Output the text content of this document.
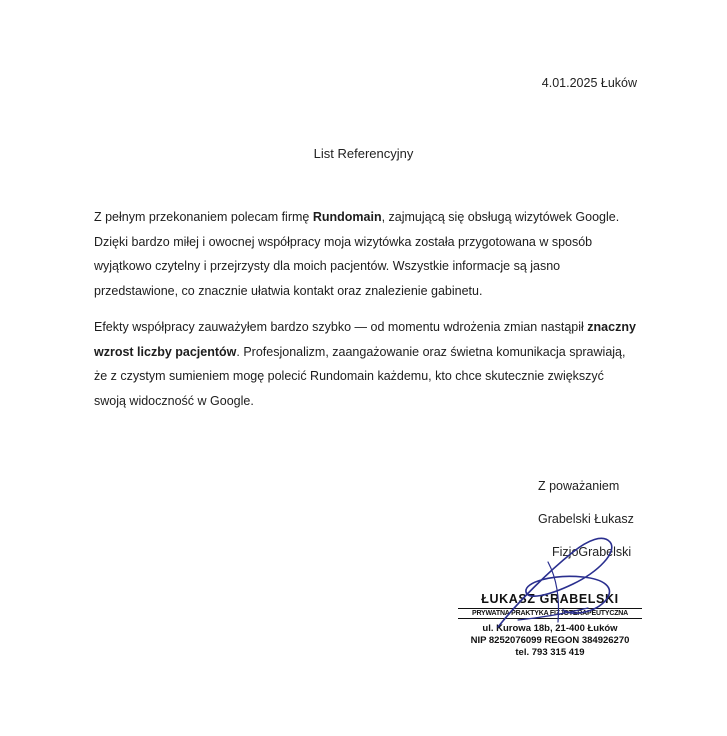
4.01.2025 Łuków
List Referencyjny

Z pełnym przekonaniem polecam firmę Rundomain, zajmującą się obsługą wizytówek Google. Dzięki bardzo miłej i owocnej współpracy moja wizytówka została przygotowana w sposób wyjątkowo czytelny i przejrzysty dla moich pacjentów. Wszystkie informacje są jasno przedstawione, co znacznie ułatwia kontakt oraz znalezienie gabinetu.

Efekty współpracy zauważyłem bardzo szybko — od momentu wdrożenia zmian nastąpił znaczny wzrost liczby pacjentów. Profesjonalizm, zaangażowanie oraz świetna komunikacja sprawiają, że z czystym sumieniem mogę polecić Rundomain każdemu, kto chce skutecznie zwiększyć swoją widoczność w Google.

Z poważaniem
Grabelski Łukasz
FizjoGrabelski
ŁUKASZ GRABELSKI
PRYWATNA PRAKTYKA FIZJOTERAPEUTYCZNA
ul. Kurowa 18b, 21-400 Łuków
NIP 8252076099 REGON 384926270
tel. 793 315 419
